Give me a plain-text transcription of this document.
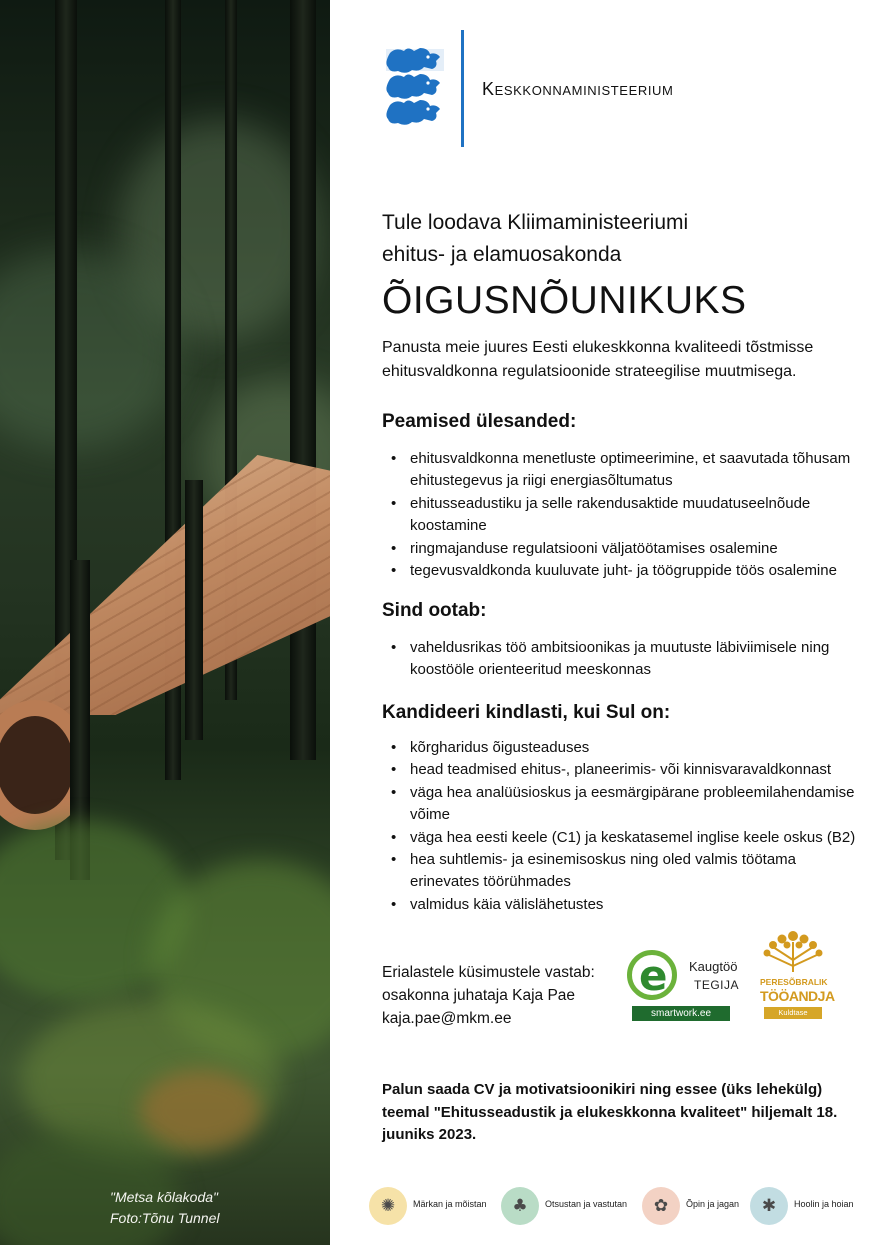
"Metsa kõlakoda"
Foto:Tõnu Tunnel
Keskkonnaministeerium
Tule loodava Kliimaministeeriumi
ehitus- ja elamuosakonda
ÕIGUSNÕUNIKUKS
Panusta meie juures Eesti elukeskkonna kvaliteedi tõstmisse ehitusvaldkonna regulatsioonide strateegilise muutmisega.
Peamised ülesanded:
• ehitusvaldkonna menetluste optimeerimine, et saavutada tõhusam ehitustegevus ja riigi energiasõltumatus
• ehitusseadustiku ja selle rakendusaktide muudatuseelnõude koostamine
• ringmajanduse regulatsiooni väljatöötamises osalemine
• tegevusvaldkonda kuuluvate juht- ja töögruppide töös osalemine
Sind ootab:
• vaheldusrikas töö ambitsioonikas ja muutuste läbiviimisele ning koostööle orienteeritud meeskonnas
Kandideeri kindlasti, kui Sul on:
• kõrgharidus õigusteaduses
• head teadmised ehitus-, planeerimis- või kinnisvaravaldkonnast
• väga hea analüüsioskus ja eesmärgipärane probleemilahendamise võime
• väga hea eesti keele (C1) ja keskatasemel inglise keele oskus (B2)
• hea suhtlemis- ja esinemisoskus ning oled valmis töötama erinevates töörühmades
• valmidus käia välislähetustes
Erialastele küsimustele vastab:
osakonna juhataja Kaja Pae
kaja.pae@mkm.ee
e Kaugtöö
TEGIJA
smartwork.ee
PERESÕBRALIK
TÖÖANDJA
Kuldtase
Palun saada CV ja motivatsioonikiri ning essee (üks lehekülg) teemal "Ehitusseadustik ja elukeskkonna kvaliteet" hiljemalt 18. juuniks 2023.
✺	Märkan ja mõistan	♣	Otsustan ja vastutan	✿	Õpin ja jagan	✱	Hoolin ja hoian
